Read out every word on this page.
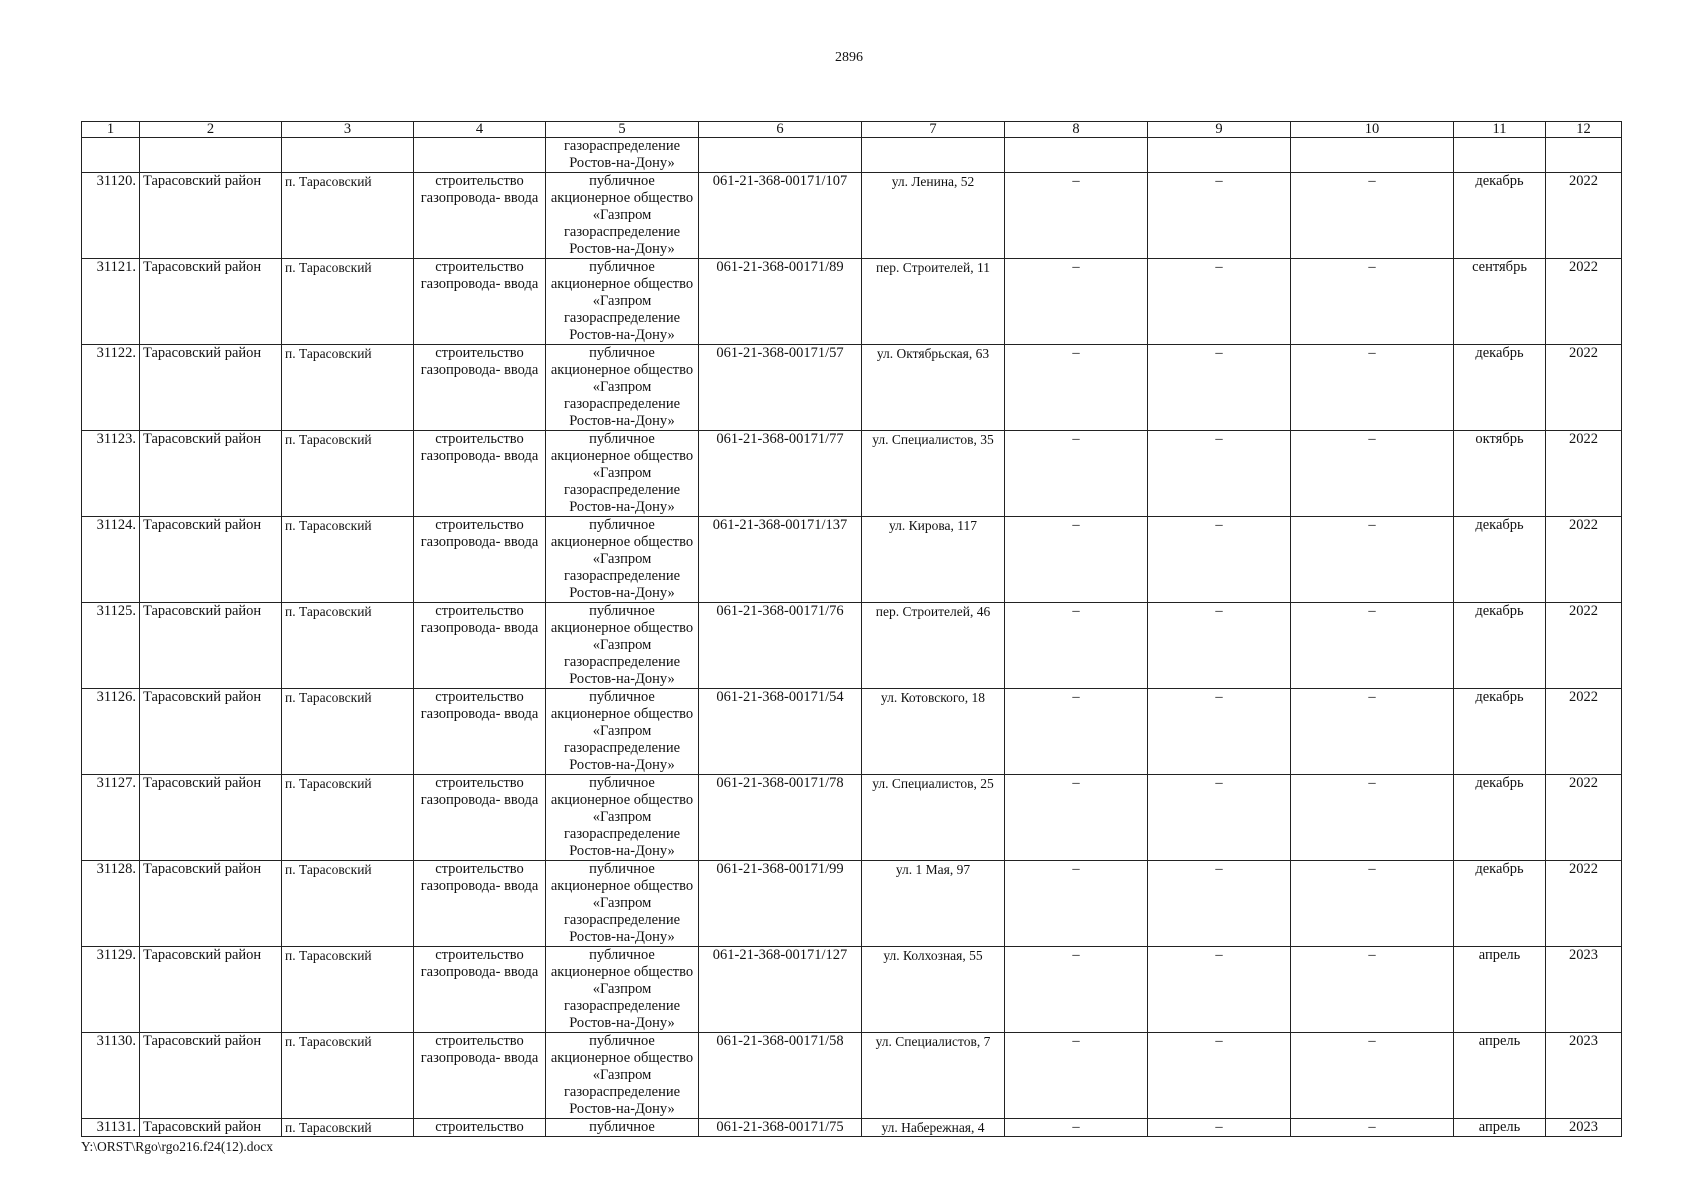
2896
1	2	3	4	5	6	7	8	9	10	11	12
				газораспределение Ростов-на-Дону»							
31120.	Тарасовский район	п. Тарасовский	строительство газопровода- ввода	публичное акционерное общество «Газпром газораспределение Ростов-на-Дону»	061-21-368-00171/107	ул. Ленина, 52	–	–	–	декабрь	2022
31121.	Тарасовский район	п. Тарасовский	строительство газопровода- ввода	публичное акционерное общество «Газпром газораспределение Ростов-на-Дону»	061-21-368-00171/89	пер. Строителей, 11	–	–	–	сентябрь	2022
31122.	Тарасовский район	п. Тарасовский	строительство газопровода- ввода	публичное акционерное общество «Газпром газораспределение Ростов-на-Дону»	061-21-368-00171/57	ул. Октябрьская, 63	–	–	–	декабрь	2022
31123.	Тарасовский район	п. Тарасовский	строительство газопровода- ввода	публичное акционерное общество «Газпром газораспределение Ростов-на-Дону»	061-21-368-00171/77	ул. Специалистов, 35	–	–	–	октябрь	2022
31124.	Тарасовский район	п. Тарасовский	строительство газопровода- ввода	публичное акционерное общество «Газпром газораспределение Ростов-на-Дону»	061-21-368-00171/137	ул. Кирова, 117	–	–	–	декабрь	2022
31125.	Тарасовский район	п. Тарасовский	строительство газопровода- ввода	публичное акционерное общество «Газпром газораспределение Ростов-на-Дону»	061-21-368-00171/76	пер. Строителей, 46	–	–	–	декабрь	2022
31126.	Тарасовский район	п. Тарасовский	строительство газопровода- ввода	публичное акционерное общество «Газпром газораспределение Ростов-на-Дону»	061-21-368-00171/54	ул. Котовского, 18	–	–	–	декабрь	2022
31127.	Тарасовский район	п. Тарасовский	строительство газопровода- ввода	публичное акционерное общество «Газпром газораспределение Ростов-на-Дону»	061-21-368-00171/78	ул. Специалистов, 25	–	–	–	декабрь	2022
31128.	Тарасовский район	п. Тарасовский	строительство газопровода- ввода	публичное акционерное общество «Газпром газораспределение Ростов-на-Дону»	061-21-368-00171/99	ул. 1 Мая, 97	–	–	–	декабрь	2022
31129.	Тарасовский район	п. Тарасовский	строительство газопровода- ввода	публичное акционерное общество «Газпром газораспределение Ростов-на-Дону»	061-21-368-00171/127	ул. Колхозная, 55	–	–	–	апрель	2023
31130.	Тарасовский район	п. Тарасовский	строительство газопровода- ввода	публичное акционерное общество «Газпром газораспределение Ростов-на-Дону»	061-21-368-00171/58	ул. Специалистов, 7	–	–	–	апрель	2023
31131.	Тарасовский район	п. Тарасовский	строительство	публичное	061-21-368-00171/75	ул. Набережная, 4	–	–	–	апрель	2023
Y:\ORST\Rgo\rgo216.f24(12).docx
